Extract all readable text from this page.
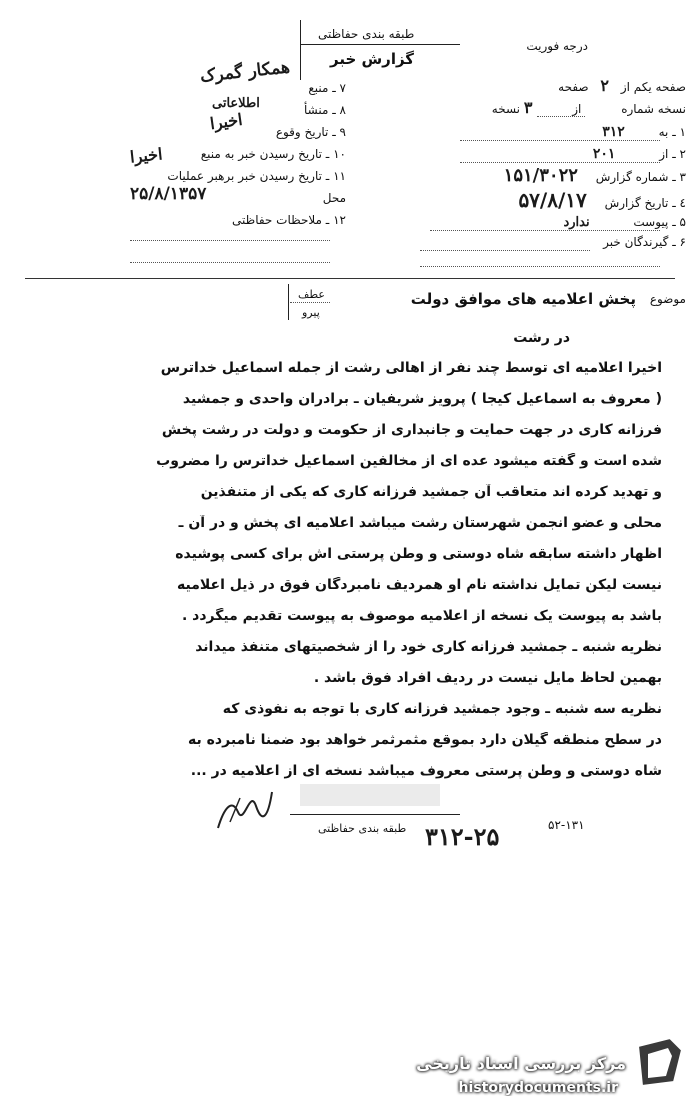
درجه فوریت
طبقه بندی حفاظتی
گزارش خبر
صفحه یکم از ۲ صفحه
نسخه شماره از ۳ نسخه
۱ ـ به ۳۱۲
۲ ـ از ۲۰۱
۳ ـ شماره گزارش ۱۵۱/۳۰۲۲
٤ ـ تاریخ گزارش ۵۷/۸/۱۷
۵ ـ پیوست ندارد
۶ ـ گیرندگان خبر
۷ ـ منبع
همکار گمرک
۸ ـ منشأ
اطلاعاتی
۹ ـ تاریخ وقوع
اخیرا
۱۰ ـ تاریخ رسیدن خبر به منبع
اخیرا
۱۱ ـ تاریخ رسیدن خبر برهبر عملیات
محل
۲۵/۸/۱۳۵۷
۱۲ ـ ملاحظات حفاظتی
موضوع
پخش اعلامیه های موافق دولت
عطف
پیرو
در رشت
اخیرا اعلامیه ای توسط چند نفر از اهالی رشت از جمله اسماعیل خداترس
( معروف به اسماعیل کیجا ) پرویز شریفیان ـ برادران واحدی و جمشید
فرزانه کاری در جهت حمایت و جانبداری از حکومت و دولت در رشت پخش
شده است و گفته میشود عده ای از مخالفین اسماعیل خداترس را مضروب
و تهدید کرده اند متعاقب آن جمشید فرزانه کاری که یکی از متنفذین
محلی و عضو انجمن شهرستان رشت میباشد اعلامیه ای پخش و در آن ـ
اظهار داشته سابقه شاه دوستی و وطن پرستی اش برای کسی پوشیده
نیست لیکن تمایل نداشته نام او همردیف نامبردگان فوق در ذیل اعلامیه
باشد به پیوست یک نسخه از اعلامیه موصوف به پیوست تقدیم میگردد .
نظریه شنبه ـ جمشید فرزانه کاری خود را از شخصیتهای متنفذ میداند
بهمین لحاظ مایل نیست در ردیف افراد فوق باشد .
نظریه سه شنبه ـ وجود جمشید فرزانه کاری با توجه به نفوذی که
در سطح منطقه گیلان دارد بموقع مثمرثمر خواهد بود ضمنا نامبرده به
شاه دوستی و وطن پرستی معروف میباشد نسخه ای از اعلامیه در ...
طبقه بندی حفاظتی	۵۲-۱۳۱
۳۱۲-۲۵
مرکز بررسی اسناد تاریخی
historydocuments.ir
